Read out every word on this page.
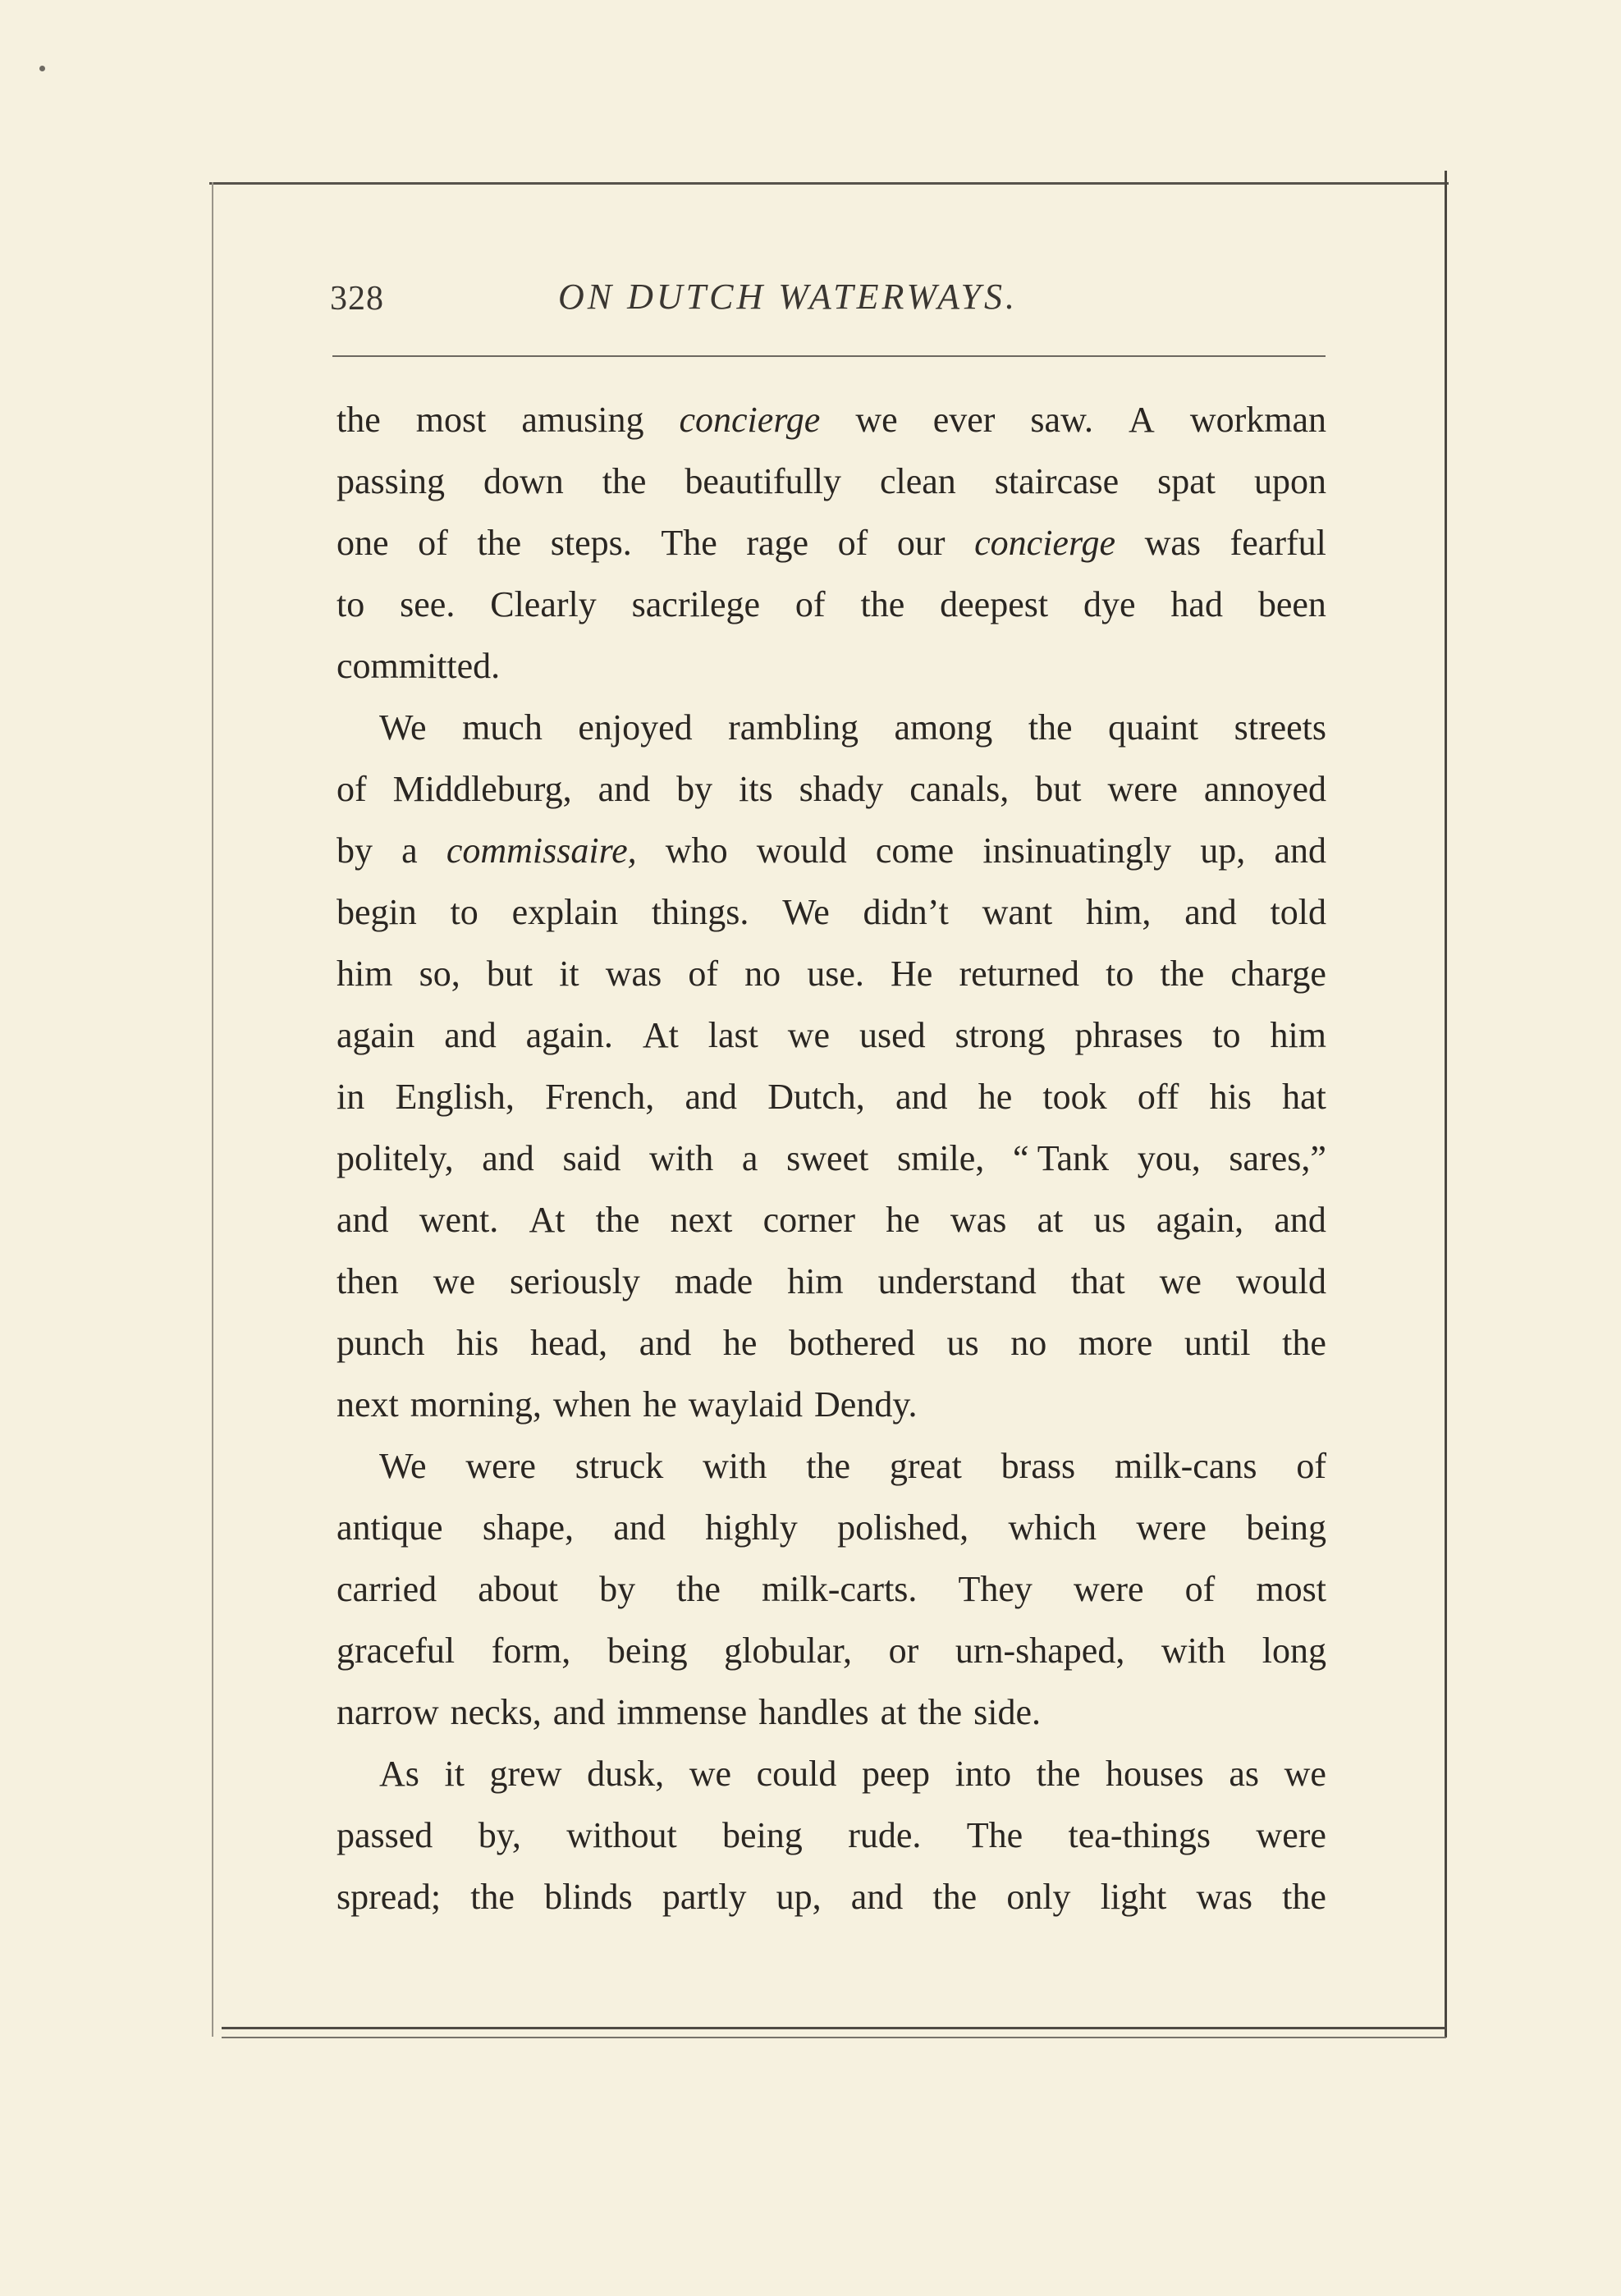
328	ON DUTCH WATERWAYS.
the most amusing concierge we ever saw. A workman
passing down the beautifully clean staircase spat upon
one of the steps. The rage of our concierge was fearful
to see. Clearly sacrilege of the deepest dye had been
committed.
We much enjoyed rambling among the quaint streets
of Middleburg, and by its shady canals, but were annoyed
by a commissaire, who would come insinuatingly up, and
begin to explain things. We didn’t want him, and told
him so, but it was of no use. He returned to the charge
again and again. At last we used strong phrases to him
in English, French, and Dutch, and he took off his hat
politely, and said with a sweet smile, “ Tank you, sares,”
and went. At the next corner he was at us again, and
then we seriously made him understand that we would
punch his head, and he bothered us no more until the
next morning, when he waylaid Dendy.
We were struck with the great brass milk-cans of
antique shape, and highly polished, which were being
carried about by the milk-carts. They were of most
graceful form, being globular, or urn-shaped, with long
narrow necks, and immense handles at the side.
As it grew dusk, we could peep into the houses as we
passed by, without being rude. The tea-things were
spread; the blinds partly up, and the only light was the
